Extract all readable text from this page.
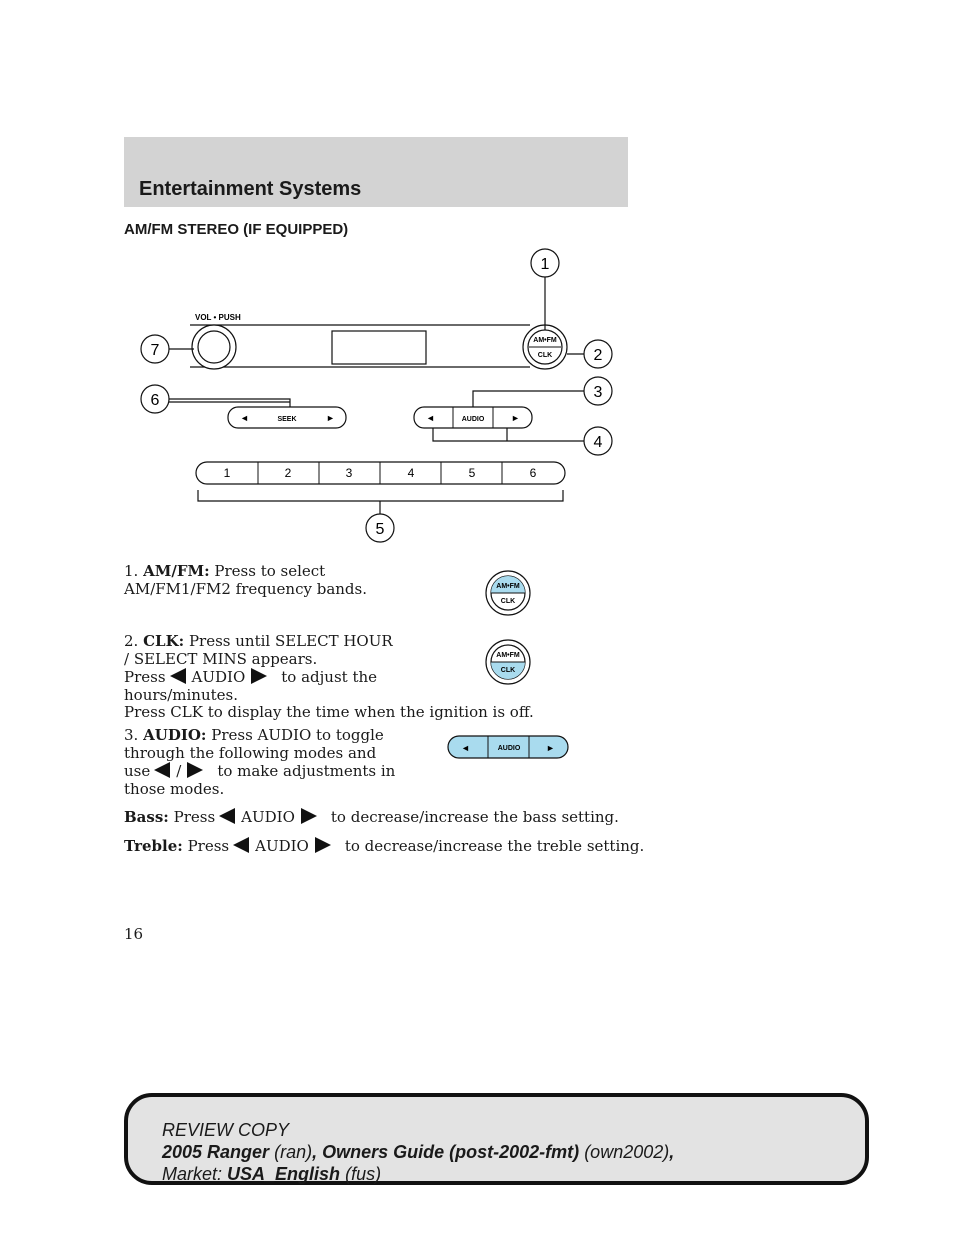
Entertainment Systems
AM/FM STEREO (IF EQUIPPED)
VOL • PUSH
AM•FM
CLK
◄	SEEK	►	◄	AUDIO	►
1	2	3	4	5	6
1
2
3
4
5
6
7

1. AM/FM: Press to select
AM/FM1/FM2 frequency bands.	AM•FM
CLK

2. CLK: Press until SELECT HOUR
/ SELECT MINS appears.
Press AUDIO to adjust the
hours/minutes.
Press CLK to display the time when the ignition is off.

AM•FM
CLK

3. AUDIO: Press AUDIO to toggle
through the following modes and
use / to make adjustments in
those modes.

◄	AUDIO	►

Bass: Press AUDIO to decrease/increase the bass setting.

Treble: Press AUDIO to decrease/increase the treble setting.

16

REVIEW COPY
2005 Ranger (ran), Owners Guide (post-2002-fmt) (own2002),
Market: USA_English (fus)
